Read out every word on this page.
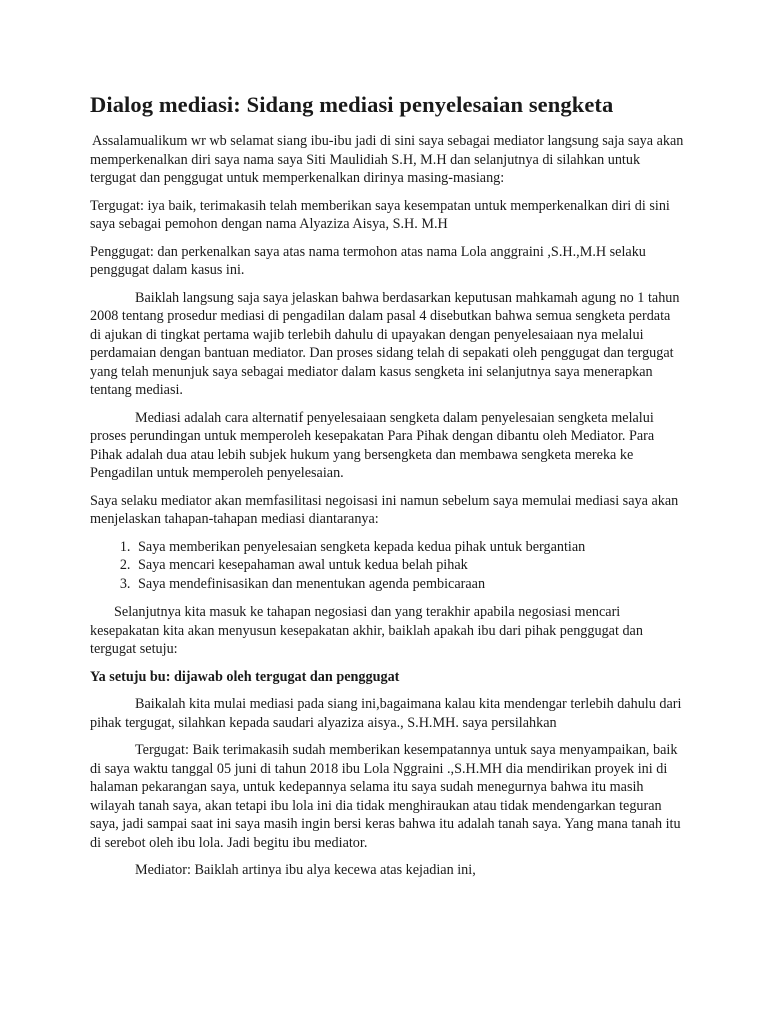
Dialog mediasi: Sidang mediasi penyelesaian sengketa

Assalamualikum wr wb selamat siang ibu-ibu jadi di sini saya sebagai mediator langsung saja saya akan memperkenalkan diri saya nama saya Siti Maulidiah S.H, M.H dan selanjutnya di silahkan untuk tergugat dan penggugat untuk memperkenalkan dirinya masing-masiang:

Tergugat: iya baik, terimakasih telah memberikan saya kesempatan untuk memperkenalkan diri di sini saya sebagai pemohon dengan nama Alyaziza Aisya, S.H. M.H

Penggugat: dan perkenalkan saya atas nama termohon atas nama Lola anggraini ,S.H.,M.H selaku penggugat dalam kasus ini.

Baiklah langsung saja saya jelaskan bahwa berdasarkan keputusan mahkamah agung no 1 tahun 2008 tentang prosedur mediasi di pengadilan dalam pasal 4 disebutkan bahwa semua sengketa perdata di ajukan di tingkat pertama wajib terlebih dahulu di upayakan dengan penyelesaiaan nya melalui perdamaian dengan bantuan mediator. Dan proses sidang telah di sepakati oleh penggugat dan tergugat yang telah menunjuk saya sebagai mediator dalam kasus sengketa ini selanjutnya saya menerapkan tentang mediasi.

Mediasi adalah cara alternatif penyelesaiaan sengketa dalam penyelesaian sengketa melalui proses perundingan untuk memperoleh kesepakatan Para Pihak dengan dibantu oleh Mediator. Para Pihak adalah dua atau lebih subjek hukum yang bersengketa dan membawa sengketa mereka ke Pengadilan untuk memperoleh penyelesaian.

Saya selaku mediator akan memfasilitasi negoisasi ini namun sebelum saya memulai mediasi saya akan menjelaskan tahapan-tahapan mediasi diantaranya:

1. Saya memberikan penyelesaian sengketa kepada kedua pihak untuk bergantian
2. Saya mencari kesepahaman awal untuk kedua belah pihak
3. Saya mendefinisasikan dan menentukan agenda pembicaraan

Selanjutnya kita masuk ke tahapan negosiasi dan yang terakhir apabila negosiasi mencari kesepakatan kita akan menyusun kesepakatan akhir, baiklah apakah ibu dari pihak penggugat dan tergugat setuju:

Ya setuju bu: dijawab oleh tergugat dan penggugat

Baikalah kita mulai mediasi pada siang ini,bagaimana kalau kita mendengar terlebih dahulu dari pihak tergugat, silahkan kepada saudari alyaziza aisya., S.H.MH. saya persilahkan

Tergugat: Baik terimakasih sudah memberikan kesempatannya untuk saya menyampaikan, baik di saya waktu tanggal 05 juni di tahun 2018 ibu Lola Nggraini .,S.H.MH dia mendirikan proyek ini di halaman pekarangan saya, untuk kedepannya selama itu saya sudah menegurnya bahwa itu masih wilayah tanah saya, akan tetapi ibu lola ini dia tidak menghiraukan atau tidak mendengarkan teguran saya, jadi sampai saat ini saya masih ingin bersi keras bahwa itu adalah tanah saya. Yang mana tanah itu di serebot oleh ibu lola. Jadi begitu ibu mediator.

Mediator: Baiklah artinya ibu alya kecewa atas kejadian ini,
